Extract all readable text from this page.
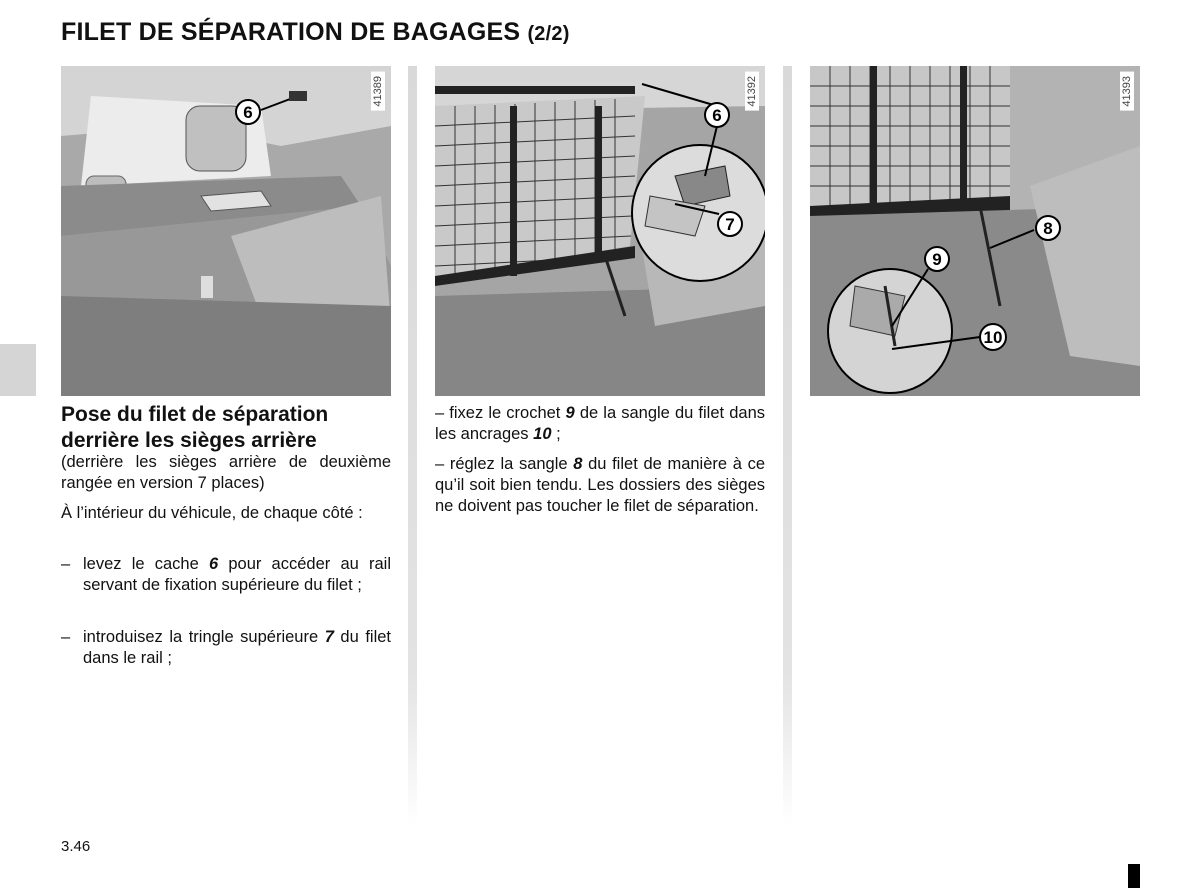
FILET DE SÉPARATION DE BAGAGES (2/2)
6
41389
6
7
41392
8
9
10
41393
Pose du filet de séparation derrière les sièges arrière
(derrière les sièges arrière de deuxième rangée en version 7 places)
À l’intérieur du véhicule, de chaque côté :
– levez le cache 6 pour accéder au rail servant de fixation supérieure du filet ;
– introduisez la tringle supérieure 7 du filet dans le rail ;
– fixez le crochet 9 de la sangle du filet dans les ancrages 10 ;
– réglez la sangle 8 du filet de manière à ce qu’il soit bien tendu. Les dossiers des sièges ne doivent pas toucher le filet de séparation.
3.46
